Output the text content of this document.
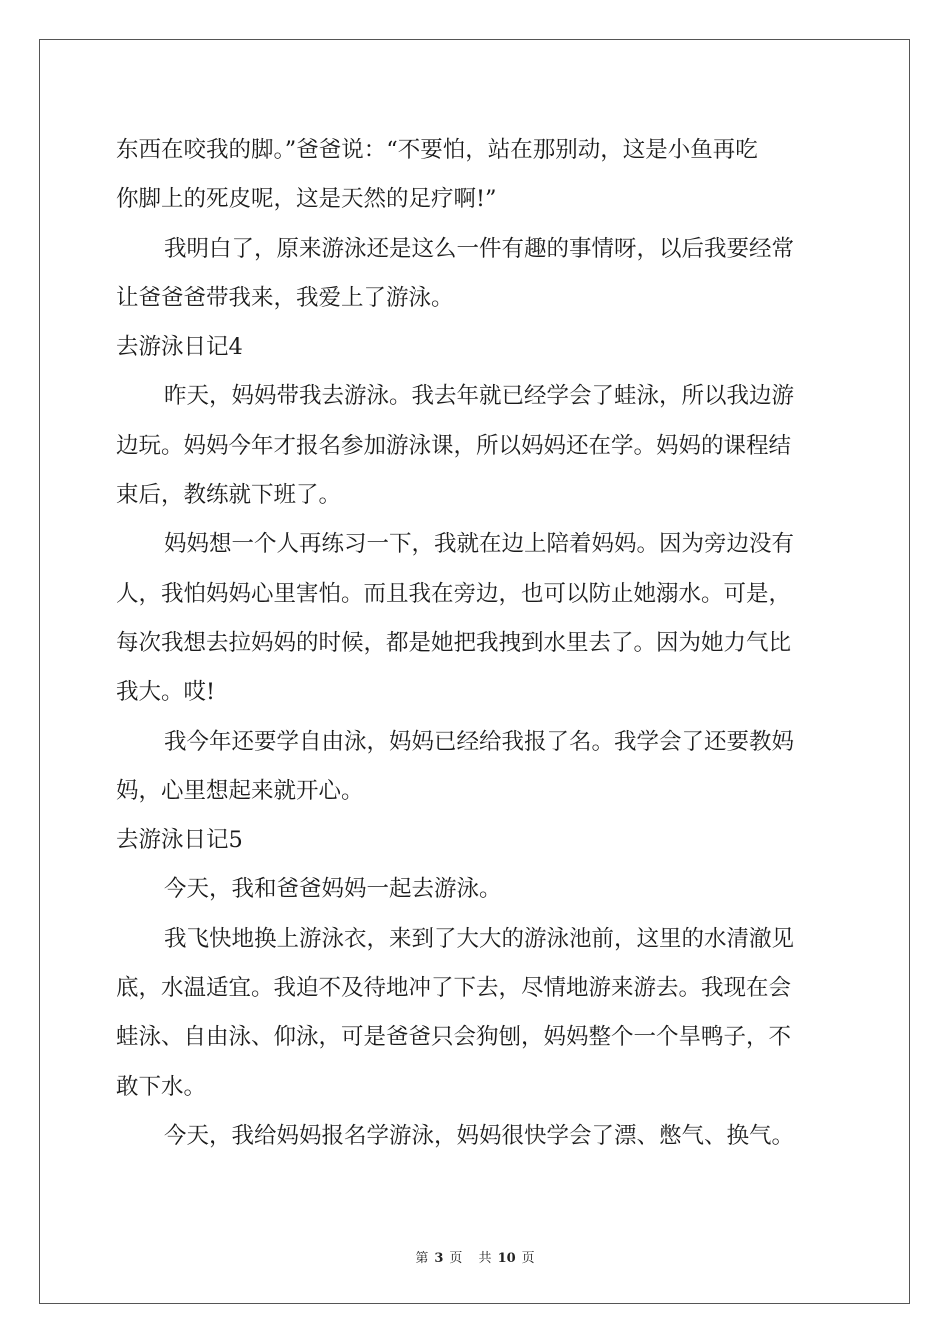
东西在咬我的脚。”爸爸说：“不要怕，站在那别动，这是小鱼再吃
你脚上的死皮呢，这是天然的足疗啊!”
我明白了，原来游泳还是这么一件有趣的事情呀，以后我要经常
让爸爸爸带我来，我爱上了游泳。
去游泳日记4
昨天，妈妈带我去游泳。我去年就已经学会了蛙泳，所以我边游
边玩。妈妈今年才报名参加游泳课，所以妈妈还在学。妈妈的课程结
束后，教练就下班了。
妈妈想一个人再练习一下，我就在边上陪着妈妈。因为旁边没有
人，我怕妈妈心里害怕。而且我在旁边，也可以防止她溺水。可是，
每次我想去拉妈妈的时候，都是她把我拽到水里去了。因为她力气比
我大。哎!
我今年还要学自由泳，妈妈已经给我报了名。我学会了还要教妈
妈，心里想起来就开心。
去游泳日记5
今天，我和爸爸妈妈一起去游泳。
我飞快地换上游泳衣，来到了大大的游泳池前，这里的水清澈见
底，水温适宜。我迫不及待地冲了下去，尽情地游来游去。我现在会
蛙泳、自由泳、仰泳，可是爸爸只会狗刨，妈妈整个一个旱鸭子，不
敢下水。
今天，我给妈妈报名学游泳，妈妈很快学会了漂、憋气、换气。
第 3 页 共 10 页
